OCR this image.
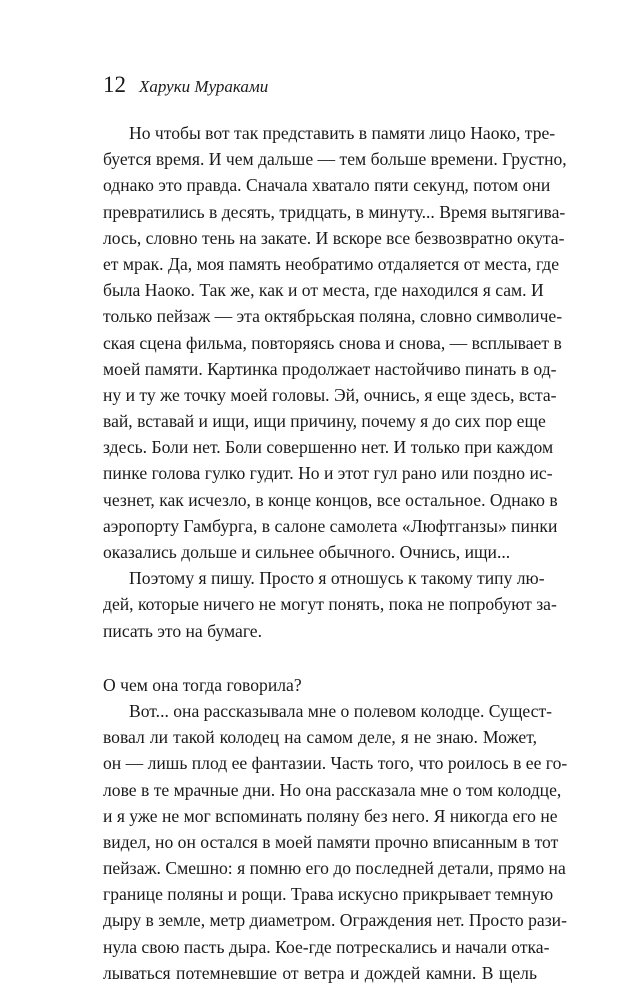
12 Харуки Мураками
Но чтобы вот так представить в памяти лицо Наоко, тре-
буется время. И чем дальше — тем больше времени. Грустно,
однако это правда. Сначала хватало пяти секунд, потом они
превратились в десять, тридцать, в минуту... Время вытягива-
лось, словно тень на закате. И вскоре все безвозвратно окута-
ет мрак. Да, моя память необратимо отдаляется от места, где
была Наоко. Так же, как и от места, где находился я сам. И
только пейзаж — эта октябрьская поляна, словно символиче-
ская сцена фильма, повторяясь снова и снова, — всплывает в
моей памяти. Картинка продолжает настойчиво пинать в од-
ну и ту же точку моей головы. Эй, очнись, я еще здесь, вста-
вай, вставай и ищи, ищи причину, почему я до сих пор еще
здесь. Боли нет. Боли совершенно нет. И только при каждом
пинке голова гулко гудит. Но и этот гул рано или поздно ис-
чезнет, как исчезло, в конце концов, все остальное. Однако в
аэропорту Гамбурга, в салоне самолета «Люфтганзы» пинки
оказались дольше и сильнее обычного. Очнись, ищи...
Поэтому я пишу. Просто я отношусь к такому типу лю-
дей, которые ничего не могут понять, пока не попробуют за-
писать это на бумаге.
О чем она тогда говорила?
Вот... она рассказывала мне о полевом колодце. Сущест-
вовал ли такой колодец на самом деле, я не знаю. Может,
он — лишь плод ее фантазии. Часть того, что роилось в ее го-
лове в те мрачные дни. Но она рассказала мне о том колодце,
и я уже не мог вспоминать поляну без него. Я никогда его не
видел, но он остался в моей памяти прочно вписанным в тот
пейзаж. Смешно: я помню его до последней детали, прямо на
границе поляны и рощи. Трава искусно прикрывает темную
дыру в земле, метр диаметром. Ограждения нет. Просто рази-
нула свою пасть дыра. Кое-где потрескались и начали отка-
лываться потемневшие от ветра и дождей камни. В щель
